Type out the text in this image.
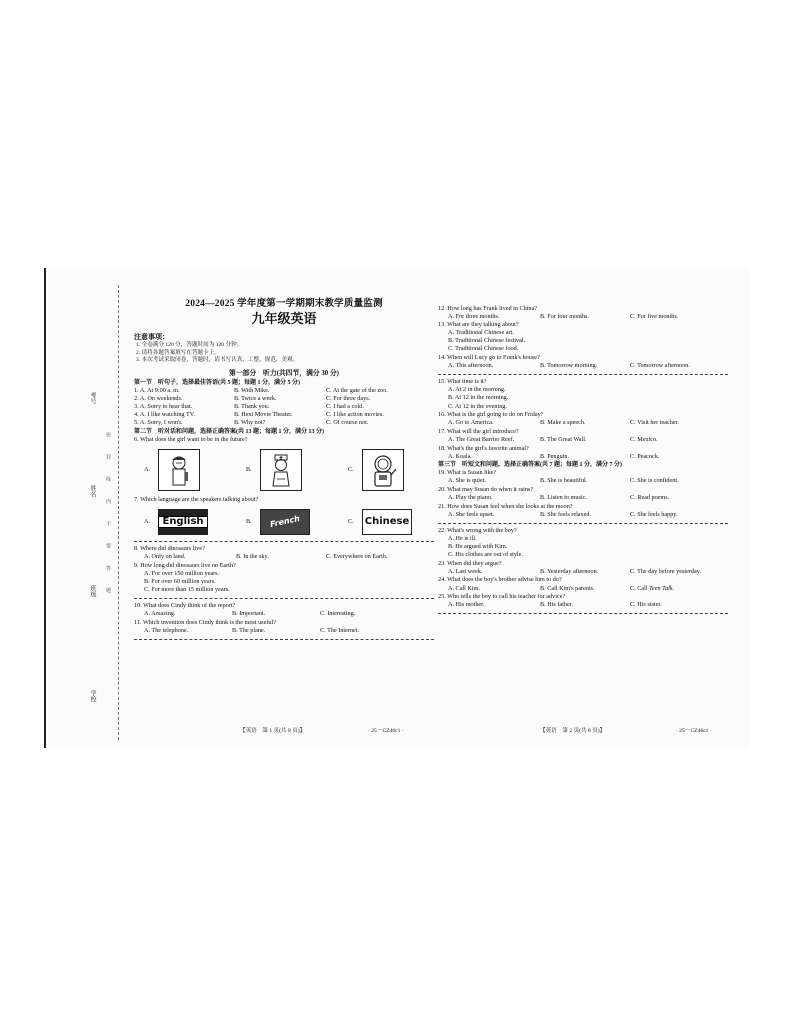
考号
姓名
班级
学校
密 封 线 内 不 要 答 题
2024—2025 学年度第一学期期末教学质量监测
九年级英语
注意事项：
1. 全卷满分 120 分，答题时间为 120 分钟。
2. 请将各题答案填写在答题卡上。
3. 本次考试采取闭卷，答题时，请书写认真，工整，规范，美观。
第一部分　听力(共四节，满分 30 分)
第一节　听句子，选择最佳答语(共 5 题；每题 1 分，满分 5 分)
1. A. At 9:00 a. m.	B. With Mike.	C. At the gate of the zoo.
2. A. On weekends.	B. Twice a week.	C. For three days.
3. A. Sorry to hear that.	B. Thank you.	C. I had a cold.
4. A. I like watching TV.	B. Hexi Movie Theater.	C. I like action movies.
5. A. Sorry, I won't.	B. Why not?	C. Of course not.
第二节　听对话和问题，选择正确答案(共 13 题；每题 1 分，满分 13 分)
6. What does the girl want to be in the future?
A.	B.	C.
7. Which language are the speakers talking about?
A.	English	B.	French	C.	Chinese
8. Where did dinosaurs live?
A. Only on land.	B. In the sky.	C. Everywhere on Earth.
9. How long did dinosaurs live on Earth?
A. For over 150 million years.
B. For over 60 million years.
C. For more than 15 million years.
10. What does Cindy think of the report?
A. Amazing.	B. Important.	C. Interesting.
11. Which invention does Cindy think is the most useful?
A. The telephone.	B. The plane.	C. The Internet.
12. How long has Frank lived in China?
A. For three months.	B. For four months.	C. For five months.
13. What are they talking about?
A. Traditional Chinese art.
B. Traditional Chinese festival.
C. Traditional Chinese food.
14. When will Lucy go to Frank's house?
A. This afternoon.	B. Tomorrow morning.	C. Tomorrow afternoon.
15. What time is it?
A. At 2 in the morning.
B. At 12 in the morning.
C. At 12 in the evening.
16. What is the girl going to do on Friday?
A. Go to America.	B. Make a speech.	C. Visit her teacher.
17. What will the girl introduce?
A. The Great Barrier Reef.	B. The Great Wall.	C. Mexico.
18. What's the girl's favorite animal?
A. Koala.	B. Penguin.	C. Peacock.
第三节　听短文和问题，选择正确答案(共 7 题；每题 1 分，满分 7 分)
19. What is Susan like?
A. She is quiet.	B. She is beautiful.	C. She is confident.
20. What may Susan do when it rains?
A. Play the piano.	B. Listen to music.	C. Read poems.
21. How does Susan feel when she looks at the moon?
A. She feels upset.	B. She feels relaxed.	C. She feels happy.
22. What's wrong with the boy?
A. He is ill.
B. He argued with Kim.
C. His clothes are out of style.
23. When did they argue?
A. Last week.	B. Yesterday afternoon.	C. The day before yesterday.
24. What does the boy's brother advise him to do?
A. Call Kim.	B. Call Kim's parents.	C. Call Teen Talk.
25. Who tells the boy to call his teacher for advice?
A. His mother.	B. His father.	C. His sister.
【英语　第 1 页(共 8 页)】	· 25－CZ46c1 ·	【英语　第 2 页(共 8 页)】	· 25－CZ46c1 ·
